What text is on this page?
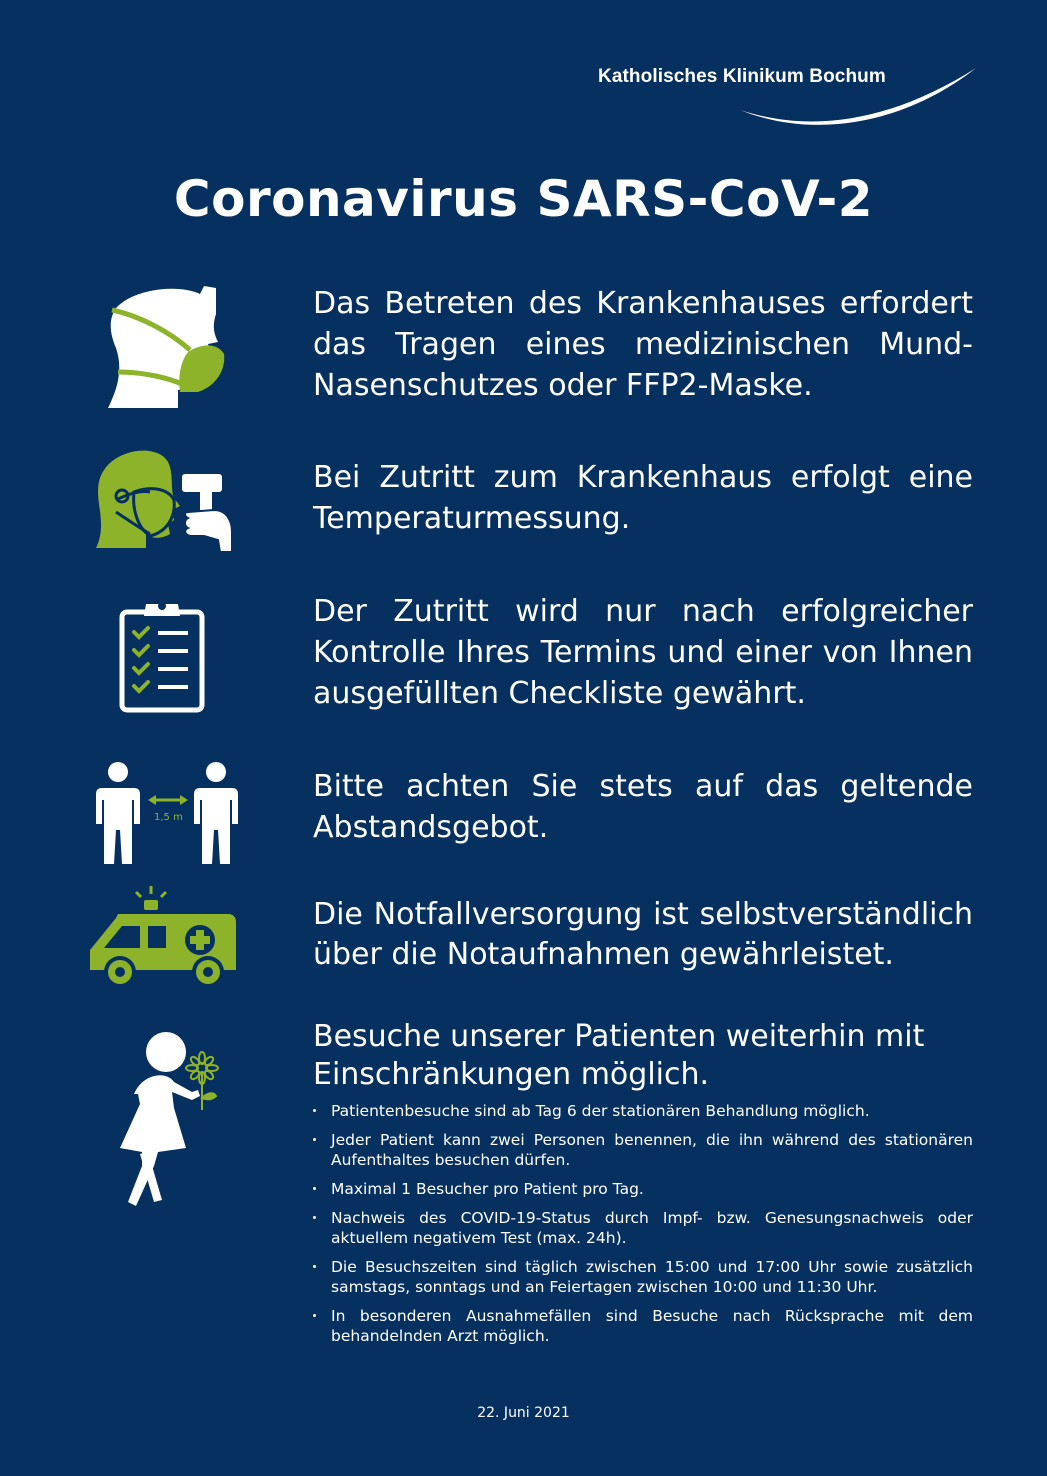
Katholisches Klinikum Bochum
Coronavirus SARS-CoV-2
Das Betreten des Krankenhauses erfordert das Tragen eines medizinischen Mund-Nasenschutzes oder FFP2-Maske.
Bei Zutritt zum Krankenhaus erfolgt eine Temperaturmessung.
Der Zutritt wird nur nach erfolgreicher Kontrolle Ihres Termins und einer von Ihnen ausgefüllten Checkliste gewährt.
1,5 m
Bitte achten Sie stets auf das geltende Abstandsgebot.
Die Notfallversorgung ist selbstverständlich über die Notaufnahmen gewährleistet.
Besuche unserer Patienten weiterhin mit Einschränkungen möglich.
Patientenbesuche sind ab Tag 6 der stationären Behandlung möglich.
Jeder Patient kann zwei Personen benennen, die ihn während des stationären Aufenthaltes besuchen dürfen.
Maximal 1 Besucher pro Patient pro Tag.
Nachweis des COVID-19-Status durch Impf- bzw. Genesungsnachweis oder aktuellem negativem Test (max. 24h).
Die Besuchszeiten sind täglich zwischen 15:00 und 17:00 Uhr sowie zusätzlich samstags, sonntags und an Feiertagen zwischen 10:00 und 11:30 Uhr.
In besonderen Ausnahmefällen sind Besuche nach Rücksprache mit dem behandelnden Arzt möglich.
22. Juni 2021
